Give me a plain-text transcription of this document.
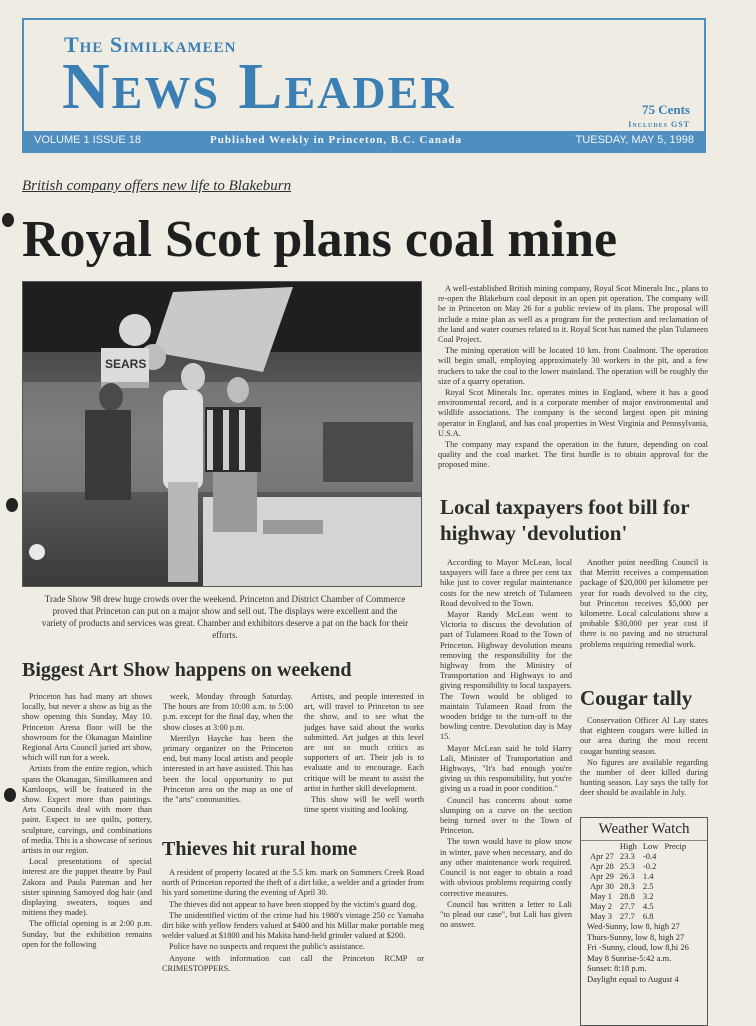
The Similkameen
News Leader	75 Cents
Includes GST
VOLUME 1 ISSUE 18	Published Weekly in Princeton, B.C. Canada	TUESDAY, MAY 5, 1998
British company offers new life to Blakeburn
Royal Scot plans coal mine
SEARS
Trade Show '98 drew huge crowds over the weekend. Princeton and District Chamber of Commerce proved that Princeton can put on a major show and sell out. The displays were excellent and the variety of products and services was great. Chamber and exhibitors deserve a pat on the back for their efforts.

A well-established British mining company, Royal Scot Minerals Inc., plans to re-open the Blakeburn coal deposit in an open pit operation. The company will be in Princeton on May 26 for a public review of its plans. The proposal will include a mine plan as well as a program for the protection and reclamation of the land and water courses related to it. Royal Scot has named the plan Tulameen Coal Project.

The mining operation will be located 10 km. from Coalmont. The operation will begin small, employing approximately 30 workers in the pit, and a few truckers to take the coal to the lower mainland. The operation will be roughly the size of a quarry operation.

Royal Scot Minerals Inc. operates mines in England, where it has a good environmental record, and is a corporate member of major environmental and wildlife associations. The company is the second largest open pit mining operator in England, and has coal properties in West Virginia and Pennsylvania, U.S.A.

The company may expand the operation in the future, depending on coal quality and the coal market. The first hurdle is to obtain approval for the proposed mine.

Local taxpayers foot bill for highway 'devolution'

According to Mayor McLean, local taxpayers will face a three per cent tax hike just to cover regular maintenance costs for the new stretch of Tulameen Road devolved to the Town.

Mayor Randy McLean went to Victoria to discuss the devolution of part of Tulameen Road to the Town of Princeton. Highway devolution means removing the responsibility for the highway from the Ministry of Transportation and Highways to and giving responsibility to local taxpayers. The Town would be obliged to maintain Tulameen Road from the wooden bridge to the turn-off to the bowling centre. Devolution day is May 15.

Mayor McLean said he told Harry Lali, Minister of Transportation and Highways, "It's bad enough you're giving us this responsibility, but you're giving us a road in poor condition."

Council has concerns about some slumping on a curve on the section being turned over to the Town of Princeton.

The town would have to plow snow in winter, pave when necessary, and do any other maintenance work required. Council is not eager to obtain a road with obvious problems requiring costly corrective measures.

Council has written a letter to Lali "to plead our case", but Lali has given no answer.

Another point needling Council is that Merritt receives a compensation package of $20,000 per kilometre per year for roads devolved to the city, but Princeton receives $5,000 per kilometre. Local calculations show a probable $30,000 per year cost if there is no paving and no structural problems requiring remedial work.

Cougar tally

Conservation Officer Al Lay states that eighteen cougars were killed in our area during the most recent cougar hunting season.

No figures are available regarding the number of deer killed during hunting season. Lay says the tally for deer should be available in July.

Biggest Art Show happens on weekend

Princeton has had many art shows locally, but never a show as big as the show opening this Sunday, May 10. Princeton Arena floor will be the showroom for the Okanagan Mainline Regional Arts Council juried art show, which will run for a week.

Artists from the entire region, which spans the Okanagan, Similkameen and Kamloops, will be featured in the show. Expect more than paintings. Arts Councils deal with more than paint. Expect to see quilts, pottery, sculpture, carvings, and combinations of media. This is a showcase of serious artists in our region.

Local presentations of special interest are the puppet theatre by Paul Zakora and Paula Pateman and her sister spinning Samoyed dog hair (and displaying sweaters, toques and mittens they made).

The official opening is at 2:00 p.m. Sunday, but the exhibition remains open for the following

week, Monday through Saturday. The hours are from 10:00 a.m. to 5:00 p.m. except for the final day, when the show closes at 3:00 p.m.

Merrilyn Haycke has been the primary organizer on the Princeton end, but many local artists and people interested in art have assisted. This has been the local opportunity to put Princeton area on the map as one of the "arts" communities.

Artists, and people interested in art, will travel to Princeton to see the show, and to see what the judges have said about the works submitted. Art judges at this level are not so much critics as supporters of art. Their job is to evaluate and to encourage. Each critique will be meant to assist the artist in further skill development.

This show will be well worth time spent visiting and looking.

Thieves hit rural home

A resident of property located at the 5.5 km. mark on Summers Creek Road north of Princeton reported the theft of a dirt bike, a welder and a grinder from his yard sometime during the evening of April 30.

The thieves did not appear to have been stopped by the victim's guard dog.

The unidentified victim of the crime had his 1980's vintage 250 cc Yamaha dirt bike with yellow fenders valued at $400 and his Millar make portable meg welder valued at $1800 and his Makita hand-held grinder valued at $200.

Police have no suspects and request the public's assistance.

Anyone with information can call the Princeton RCMP or CRIMESTOPPERS.

Weather Watch
	High	Low	Precip
Apr 27	23.3	-0.4	
Apr 28	25.3	-0.2	
Apr 29	26.3	1.4	
Apr 30	28.3	2.5	
May 1	28.8	3.2	
May 2	27.7	4.5	
May 3	27.7	6.8	
Wed-Sunny, low 8, high 27
Thurs-Sunny, low 8, high 27
Fri -Sunny, cloud, low 8,hi 26
May 8 Sunrise-5:42 a.m.
Sunset: 8:18 p.m.
Daylight equal to August 4
